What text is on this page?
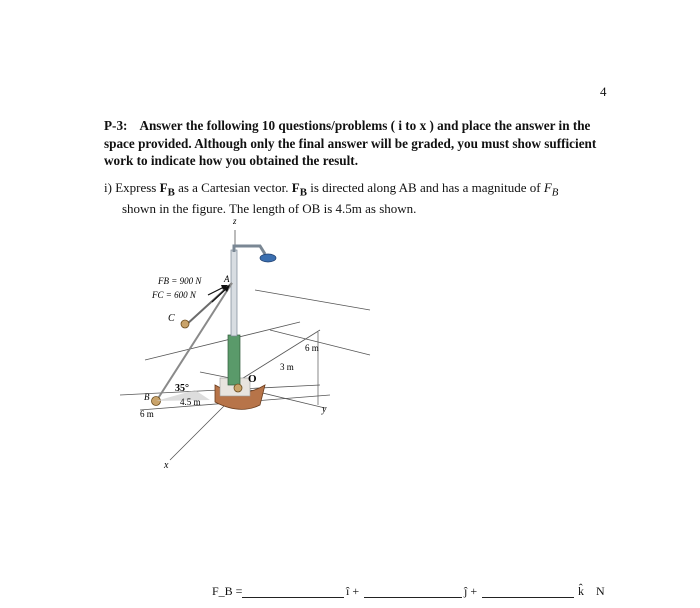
4
P-3: Answer the following 10 questions/problems ( i to x ) and place the answer in the space provided. Although only the final answer will be graded, you must show sufficient work to indicate how you obtained the result.
i) Express $F_B$ as a Cartesian vector. $F_B$ is directed along AB and has a magnitude of $F_B$
shown in the figure. The length of OB is 4.5m as shown.
z
y
x
FB = 900 N
FC = 600 N
A
C
B
O
35°
4.5 m
6 m
3 m
6 m
F_B =	î +	ĵ +	k̂ N
